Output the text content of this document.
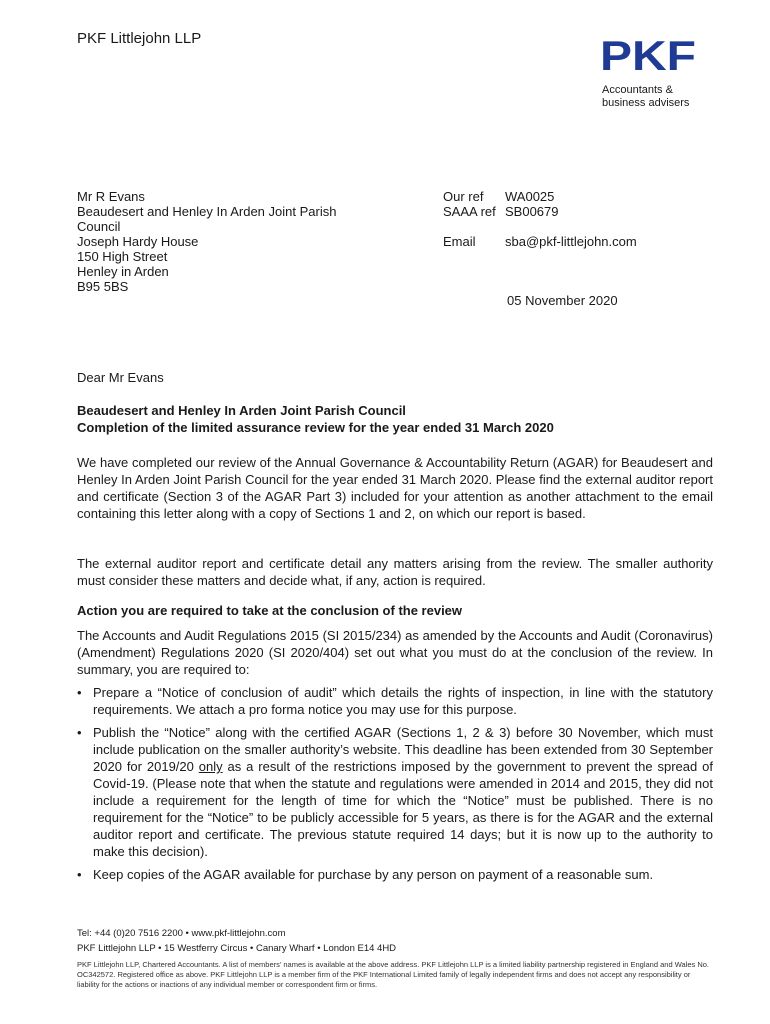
PKF Littlejohn LLP	PKF
Accountants &
business advisers
Mr R Evans
Beaudesert and Henley In Arden Joint Parish
Council
Joseph Hardy House
150 High Street
Henley in Arden
B95 5BS
Our ref	WA0025
SAAA ref SB00679
Email	sba@pkf-littlejohn.com
05 November 2020
Dear Mr Evans
Beaudesert and Henley In Arden Joint Parish Council
Completion of the limited assurance review for the year ended 31 March 2020
We have completed our review of the Annual Governance & Accountability Return (AGAR) for Beaudesert and Henley In Arden Joint Parish Council for the year ended 31 March 2020. Please find the external auditor report and certificate (Section 3 of the AGAR Part 3) included for your attention as another attachment to the email containing this letter along with a copy of Sections 1 and 2, on which our report is based.
The external auditor report and certificate detail any matters arising from the review. The smaller authority must consider these matters and decide what, if any, action is required.
Action you are required to take at the conclusion of the review
The Accounts and Audit Regulations 2015 (SI 2015/234) as amended by the Accounts and Audit (Coronavirus) (Amendment) Regulations 2020 (SI 2020/404) set out what you must do at the conclusion of the review. In summary, you are required to:
• Prepare a “Notice of conclusion of audit” which details the rights of inspection, in line with the statutory requirements. We attach a pro forma notice you may use for this purpose.
• Publish the “Notice” along with the certified AGAR (Sections 1, 2 & 3) before 30 November, which must include publication on the smaller authority’s website. This deadline has been extended from 30 September 2020 for 2019/20 only as a result of the restrictions imposed by the government to prevent the spread of Covid-19. (Please note that when the statute and regulations were amended in 2014 and 2015, they did not include a requirement for the length of time for which the “Notice” must be published. There is no requirement for the “Notice” to be publicly accessible for 5 years, as there is for the AGAR and the external auditor report and certificate. The previous statute required 14 days; but it is now up to the authority to make this decision).
• Keep copies of the AGAR available for purchase by any person on payment of a reasonable sum.
Tel: +44 (0)20 7516 2200 • www.pkf-littlejohn.com
PKF Littlejohn LLP • 15 Westferry Circus • Canary Wharf • London E14 4HD
PKF Littlejohn LLP, Chartered Accountants. A list of members’ names is available at the above address. PKF Littlejohn LLP is a limited liability partnership registered in England and Wales No. OC342572. Registered office as above. PKF Littlejohn LLP is a member firm of the PKF International Limited family of legally independent firms and does not accept any responsibility or liability for the actions or inactions of any individual member or correspondent firm or firms.
